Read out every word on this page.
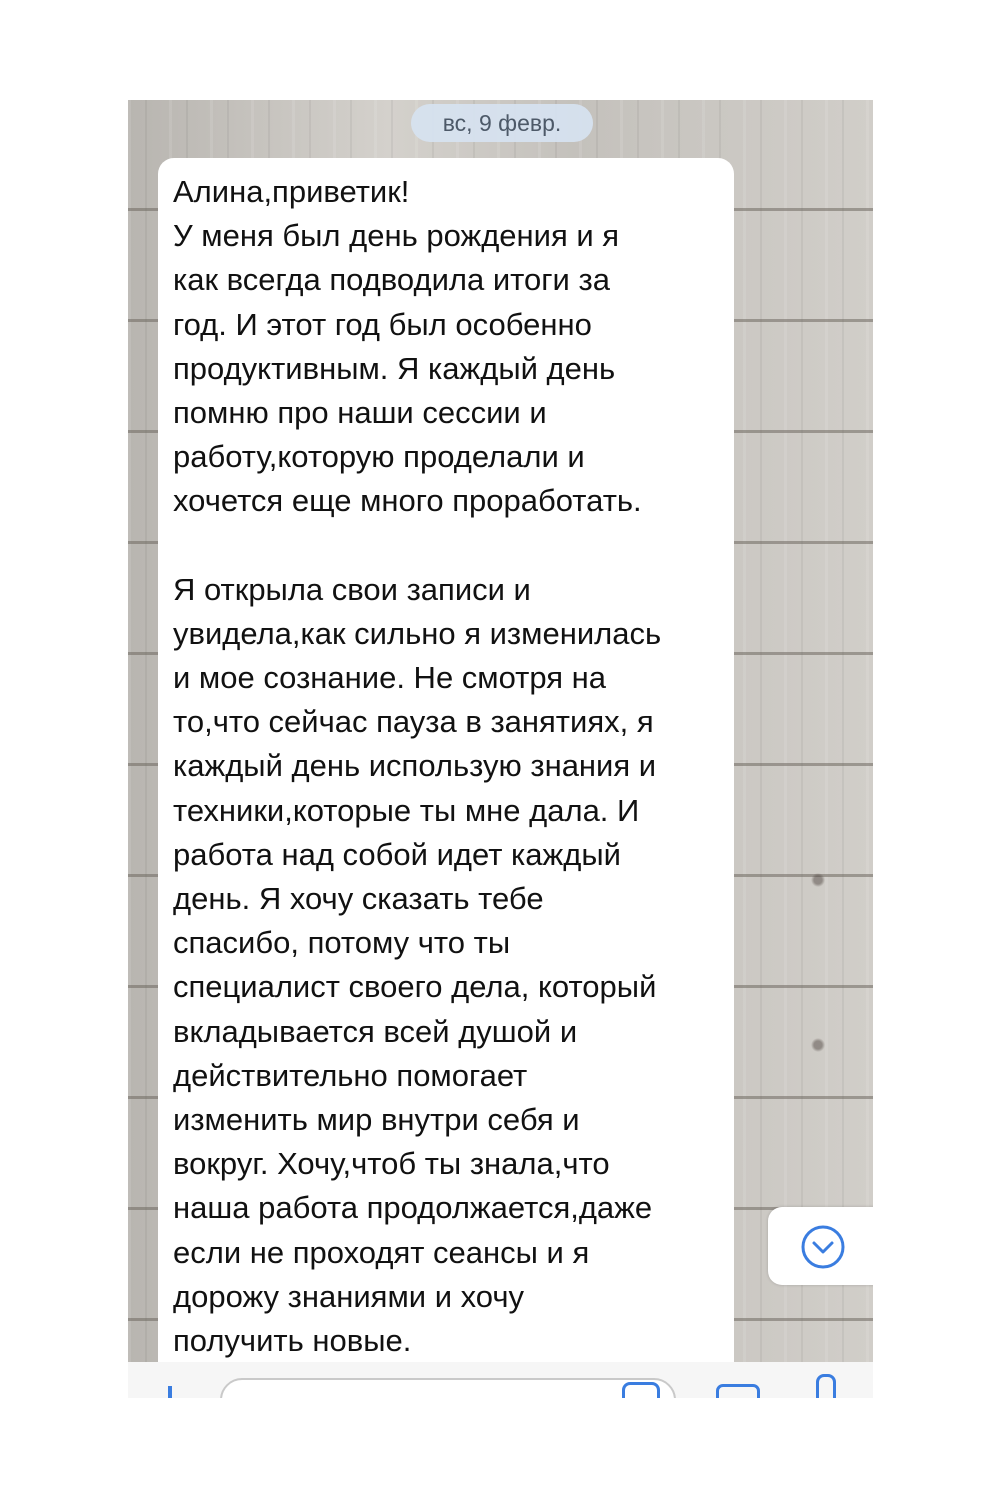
вс, 9 февр.

Алина,приветик!
У меня был день рождения и я
как всегда подводила итоги за
год. И этот год был особенно
продуктивным. Я каждый день
помню про наши сессии и
работу,которую проделали и
хочется еще много проработать.
Я открыла свои записи и
увидела,как сильно я изменилась
и мое сознание. Не смотря на
то,что сейчас пауза в занятиях, я
каждый день использую знания и
техники,которые ты мне дала. И
работа над собой идет каждый
день. Я хочу сказать тебе
спасибо, потому что ты
специалист своего дела, который
вкладывается всей душой и
действительно помогает
изменить мир внутри себя и
вокруг. Хочу,чтоб ты знала,что
наша работа продолжается,даже
если не проходят сеансы и я
дорожу знаниями и хочу
получить новые.
